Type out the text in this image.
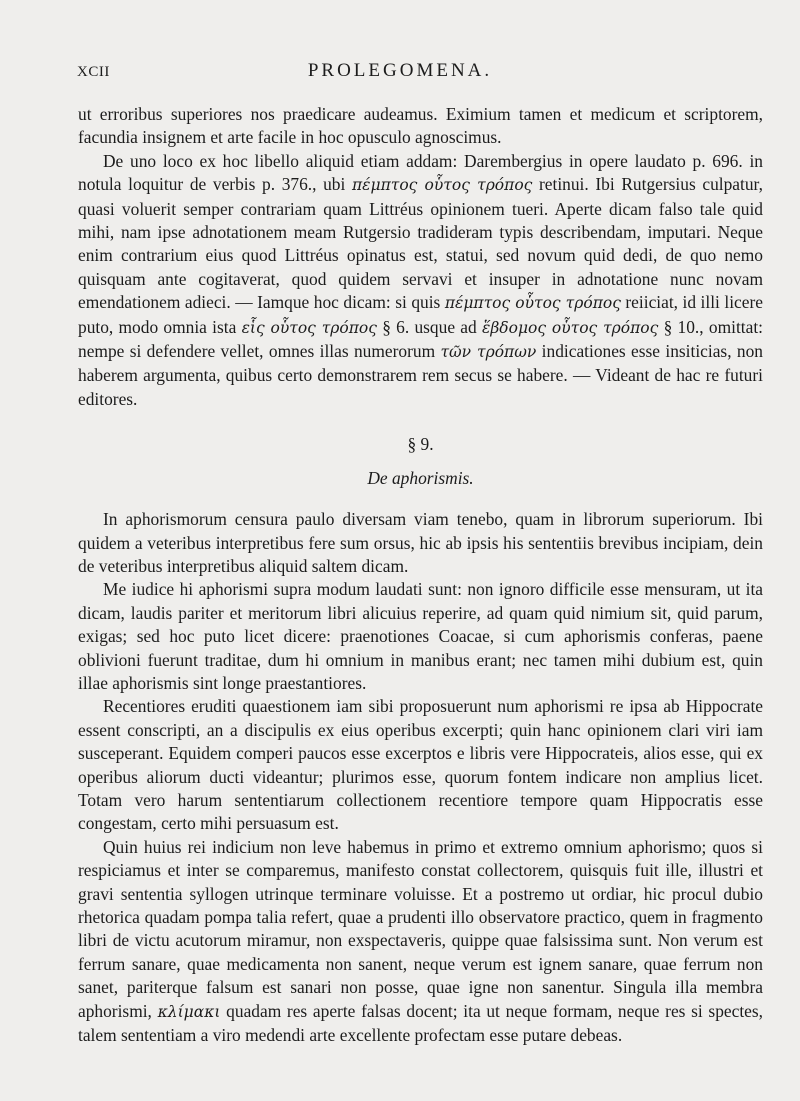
XCII	PROLEGOMENA.

ut erroribus superiores nos praedicare audeamus. Eximium tamen et medicum et scriptorem, facundia insignem et arte facile in hoc opusculo agnoscimus.

De uno loco ex hoc libello aliquid etiam addam: Darembergius in opere laudato p. 696. in notula loquitur de verbis p. 376., ubi πέμπτος οὗτος τρόπος retinui. Ibi Rutgersius culpatur, quasi voluerit semper contrariam quam Littréus opinionem tueri. Aperte dicam falso tale quid mihi, nam ipse adnotationem meam Rutgersio tradideram typis describendam, imputari. Neque enim contrarium eius quod Littréus opinatus est, statui, sed novum quid dedi, de quo nemo quisquam ante cogitaverat, quod quidem servavi et insuper in adnotatione nunc novam emendationem adieci. — Iamque hoc dicam: si quis πέμπτος οὗτος τρόπος reiiciat, id illi licere puto, modo omnia ista εἷς οὗτος τρόπος § 6. usque ad ἕβδομος οὗτος τρόπος § 10., omittat: nempe si defendere vellet, omnes illas numerorum τῶν τρόπων indicationes esse insiticias, non haberem argumenta, quibus certo demonstrarem rem secus se habere. — Videant de hac re futuri editores.

§ 9.
De aphorismis.

In aphorismorum censura paulo diversam viam tenebo, quam in librorum superiorum. Ibi quidem a veteribus interpretibus fere sum orsus, hic ab ipsis his sententiis brevibus incipiam, dein de veteribus interpretibus aliquid saltem dicam.

Me iudice hi aphorismi supra modum laudati sunt: non ignoro difficile esse mensuram, ut ita dicam, laudis pariter et meritorum libri alicuius reperire, ad quam quid nimium sit, quid parum, exigas; sed hoc puto licet dicere: praenotiones Coacae, si cum aphorismis conferas, paene oblivioni fuerunt traditae, dum hi omnium in manibus erant; nec tamen mihi dubium est, quin illae aphorismis sint longe praestantiores.

Recentiores eruditi quaestionem iam sibi proposuerunt num aphorismi re ipsa ab Hippocrate essent conscripti, an a discipulis ex eius operibus excerpti; quin hanc opinionem clari viri iam susceperant. Equidem comperi paucos esse excerptos e libris vere Hippocrateis, alios esse, qui ex operibus aliorum ducti videantur; plurimos esse, quorum fontem indicare non amplius licet. Totam vero harum sententiarum collectionem recentiore tempore quam Hippocratis esse congestam, certo mihi persuasum est.

Quin huius rei indicium non leve habemus in primo et extremo omnium aphorismo; quos si respiciamus et inter se comparemus, manifesto constat collectorem, quisquis fuit ille, illustri et gravi sententia syllogen utrinque terminare voluisse. Et a postremo ut ordiar, hic procul dubio rhetorica quadam pompa talia refert, quae a prudenti illo observatore practico, quem in fragmento libri de victu acutorum miramur, non exspectaveris, quippe quae falsissima sunt. Non verum est ferrum sanare, quae medicamenta non sanent, neque verum est ignem sanare, quae ferrum non sanet, pariterque falsum est sanari non posse, quae igne non sanentur. Singula illa membra aphorismi, κλίμακι quadam res aperte falsas docent; ita ut neque formam, neque res si spectes, talem sententiam a viro medendi arte excellente profectam esse putare debeas.
